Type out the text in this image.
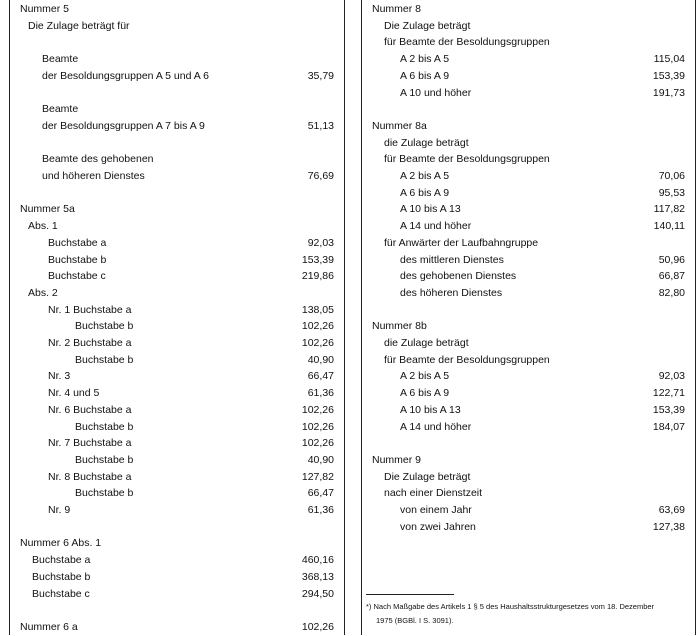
Nummer 5
Die Zulage beträgt für
Beamte
der Besoldungsgruppen A 5 und A 6	35,79
Beamte
der Besoldungsgruppen A 7 bis A 9	51,13
Beamte des gehobenen
und höheren Dienstes	76,69
Nummer 5a
Abs. 1
Buchstabe a	92,03
Buchstabe b	153,39
Buchstabe c	219,86
Abs. 2
Nr. 1 Buchstabe a	138,05
Buchstabe b	102,26
Nr. 2 Buchstabe a	102,26
Buchstabe b	40,90
Nr. 3	66,47
Nr. 4 und 5	61,36
Nr. 6 Buchstabe a	102,26
Buchstabe b	102,26
Nr. 7 Buchstabe a	102,26
Buchstabe b	40,90
Nr. 8 Buchstabe a	127,82
Buchstabe b	66,47
Nr. 9	61,36
Nummer 6 Abs. 1
Buchstabe a	460,16
Buchstabe b	368,13
Buchstabe c	294,50
Nummer 6 a	102,26
*) Nach Maßgabe des Artikels 1 § 5 des Haushaltsstrukturgesetzes vom 18. Dezember
1975 (BGBl. I S. 3091).
Nummer 8
Die Zulage beträgt
für Beamte der Besoldungsgruppen
A 2 bis A 5	115,04
A 6 bis A 9	153,39
A 10 und höher	191,73
Nummer 8a
die Zulage beträgt
für Beamte der Besoldungsgruppen
A 2 bis A 5	70,06
A 6 bis A 9	95,53
A 10 bis A 13	117,82
A 14 und höher	140,11
für Anwärter der Laufbahngruppe
des mittleren Dienstes	50,96
des gehobenen Dienstes	66,87
des höheren Dienstes	82,80
Nummer 8b
die Zulage beträgt
für Beamte der Besoldungsgruppen
A 2 bis A 5	92,03
A 6 bis A 9	122,71
A 10 bis A 13	153,39
A 14 und höher	184,07
Nummer 9
Die Zulage beträgt
nach einer Dienstzeit
von einem Jahr	63,69
von zwei Jahren	127,38
